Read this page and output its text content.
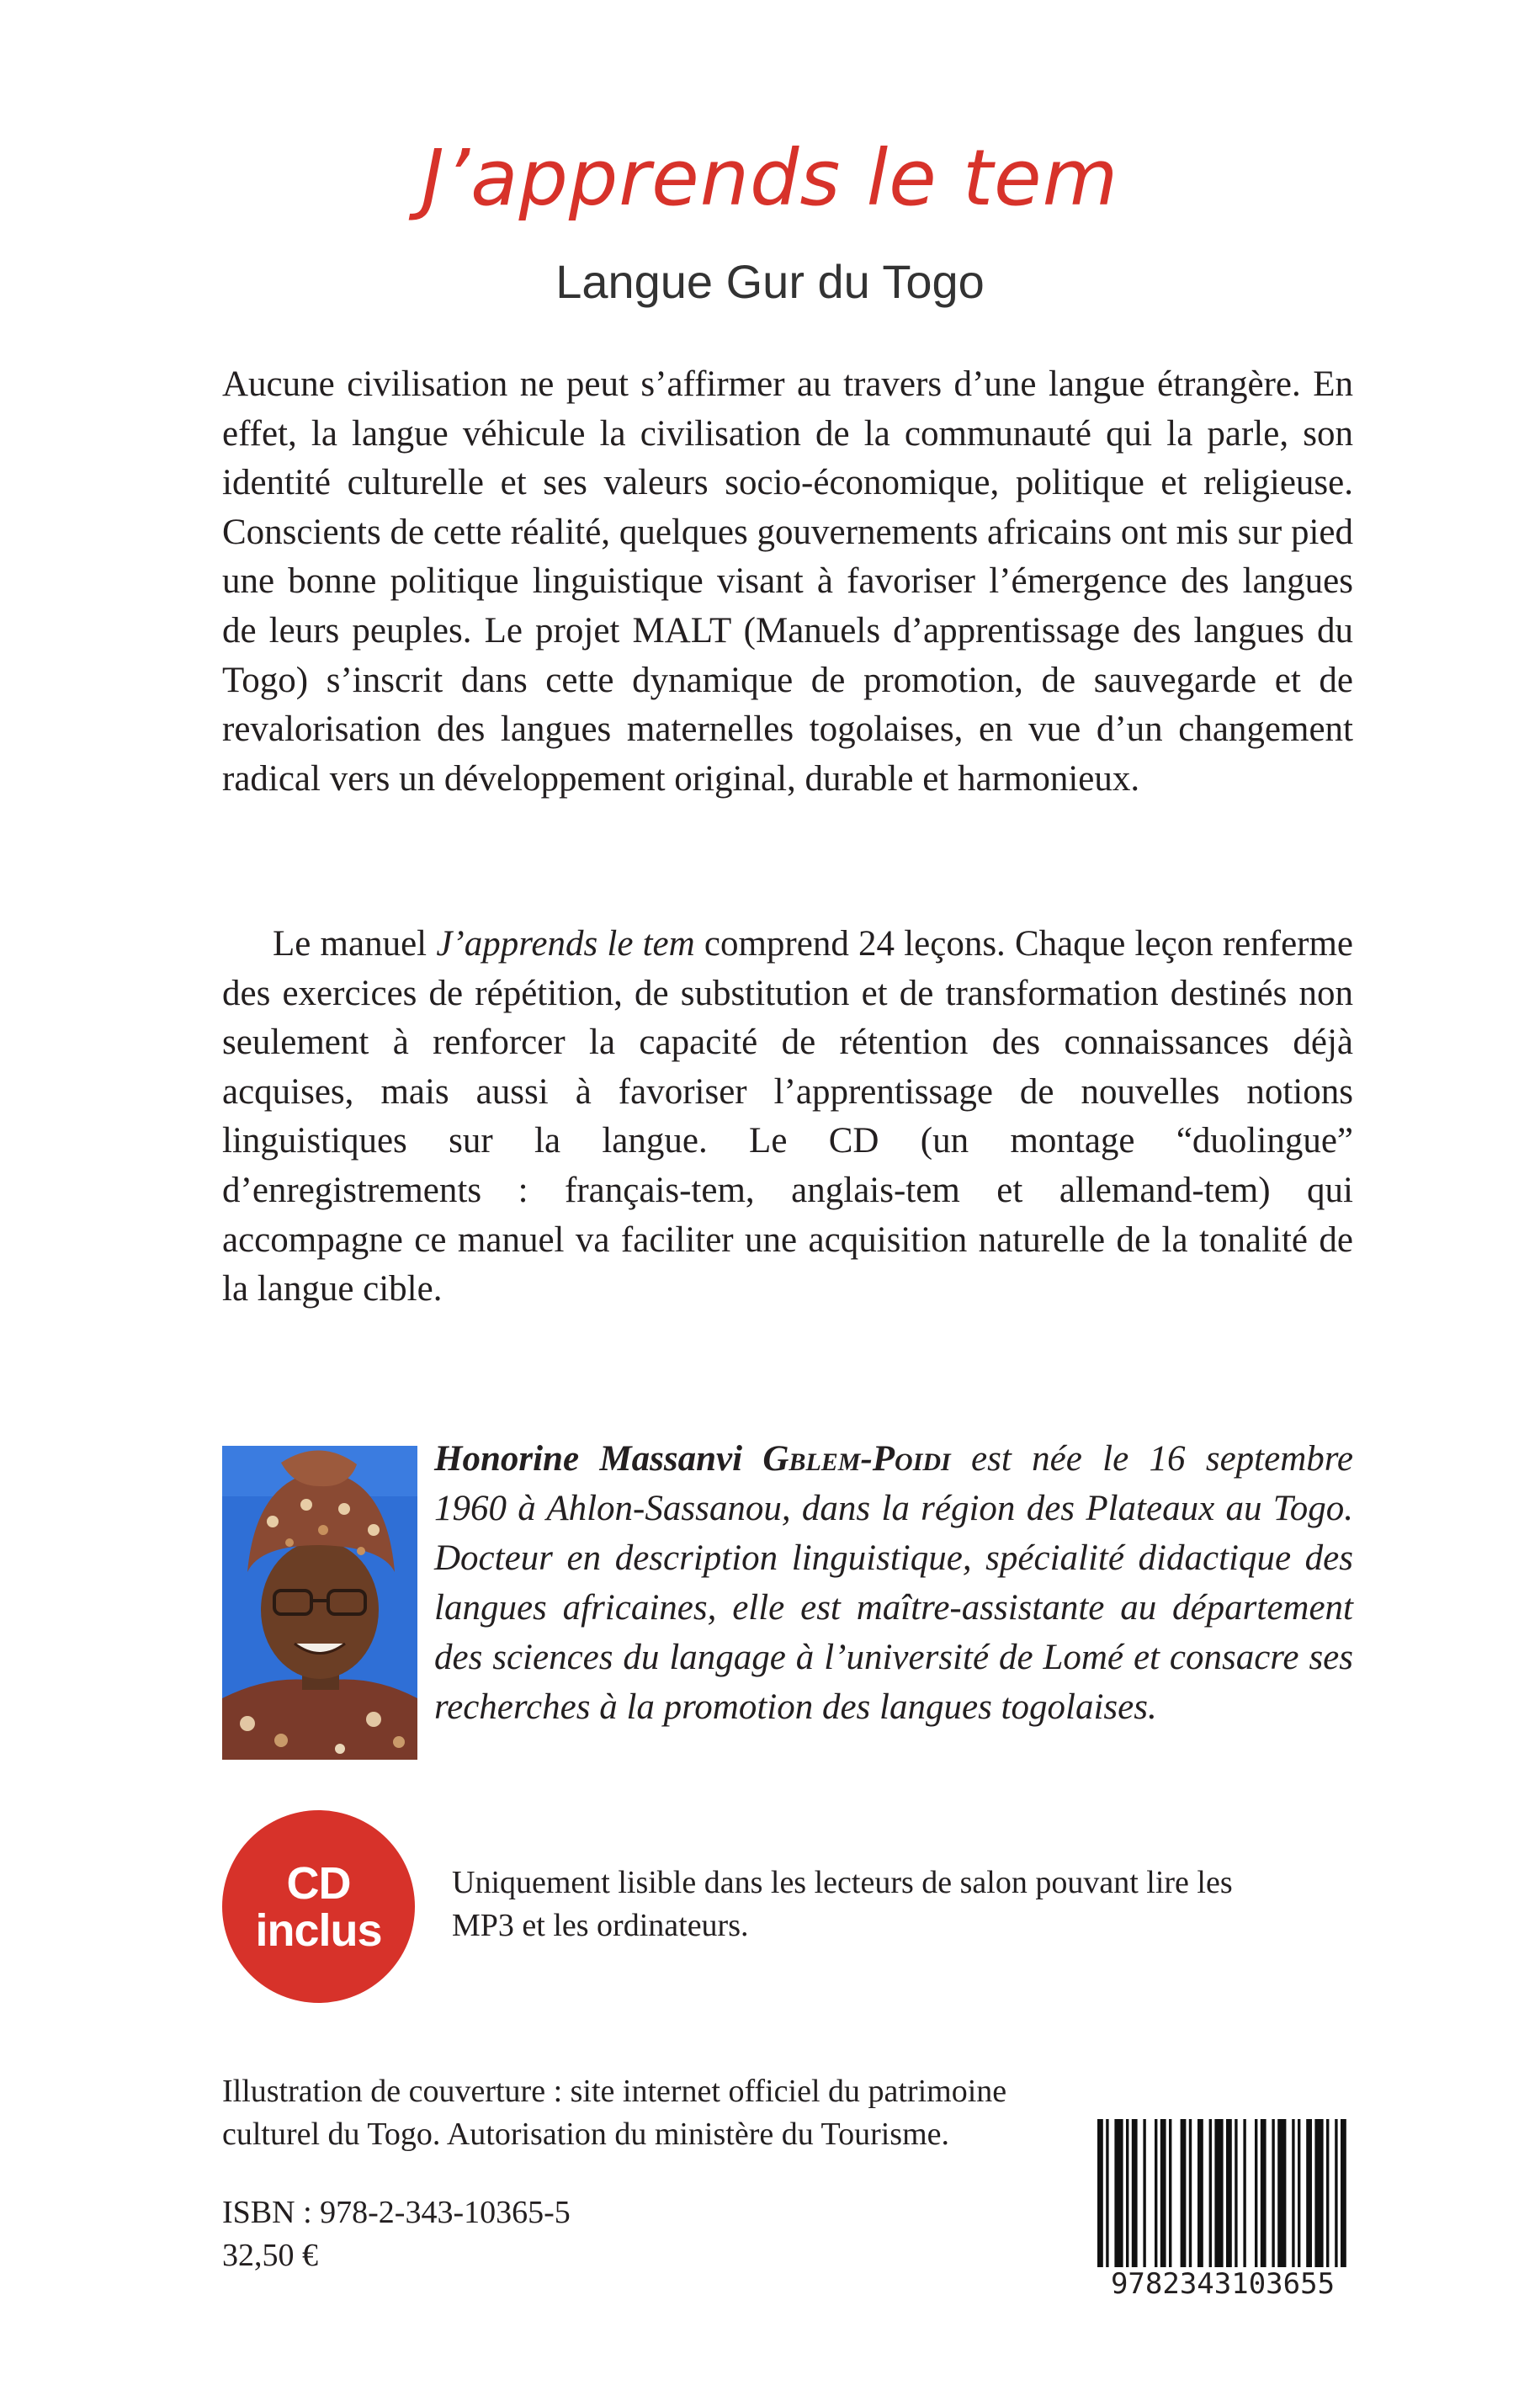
J’apprends le tem
Langue Gur du Togo

Aucune civilisation ne peut s’affirmer au travers d’une langue étrangère. En effet, la langue véhicule la civilisation de la communauté qui la parle, son identité culturelle et ses valeurs socio-économique, politique et religieuse. Conscients de cette réalité, quelques gouvernements africains ont mis sur pied une bonne politique linguistique visant à favoriser l’émergence des langues de leurs peuples. Le projet MALT (Manuels d’apprentissage des langues du Togo) s’inscrit dans cette dynamique de promotion, de sauvegarde et de revalorisation des langues maternelles togolaises, en vue d’un changement radical vers un développement original, durable et harmonieux.

Le manuel J’apprends le tem comprend 24 leçons. Chaque leçon renferme des exercices de répétition, de substitution et de transformation destinés non seulement à renforcer la capacité de rétention des connaissances déjà acquises, mais aussi à favoriser l’apprentissage de nouvelles notions linguistiques sur la langue. Le CD (un montage “duolingue” d’enregistrements : français-tem, anglais-tem et allemand-tem) qui accompagne ce manuel va faciliter une acquisition naturelle de la tonalité de la langue cible.

Honorine Massanvi Gblem-Poidi est née le 16 septembre 1960 à Ahlon-Sassanou, dans la région des Plateaux au Togo. Docteur en description linguistique, spécialité didactique des langues africaines, elle est maître-assistante au département des sciences du langage à l’université de Lomé et consacre ses recherches à la promotion des langues togolaises.

CD
inclus

Uniquement lisible dans les lecteurs de salon pouvant lire les MP3 et les ordinateurs.

Illustration de couverture : site internet officiel du patrimoine culturel du Togo. Autorisation du ministère du Tourisme.

ISBN : 978-2-343-10365-5
32,50 €
9782343103655
